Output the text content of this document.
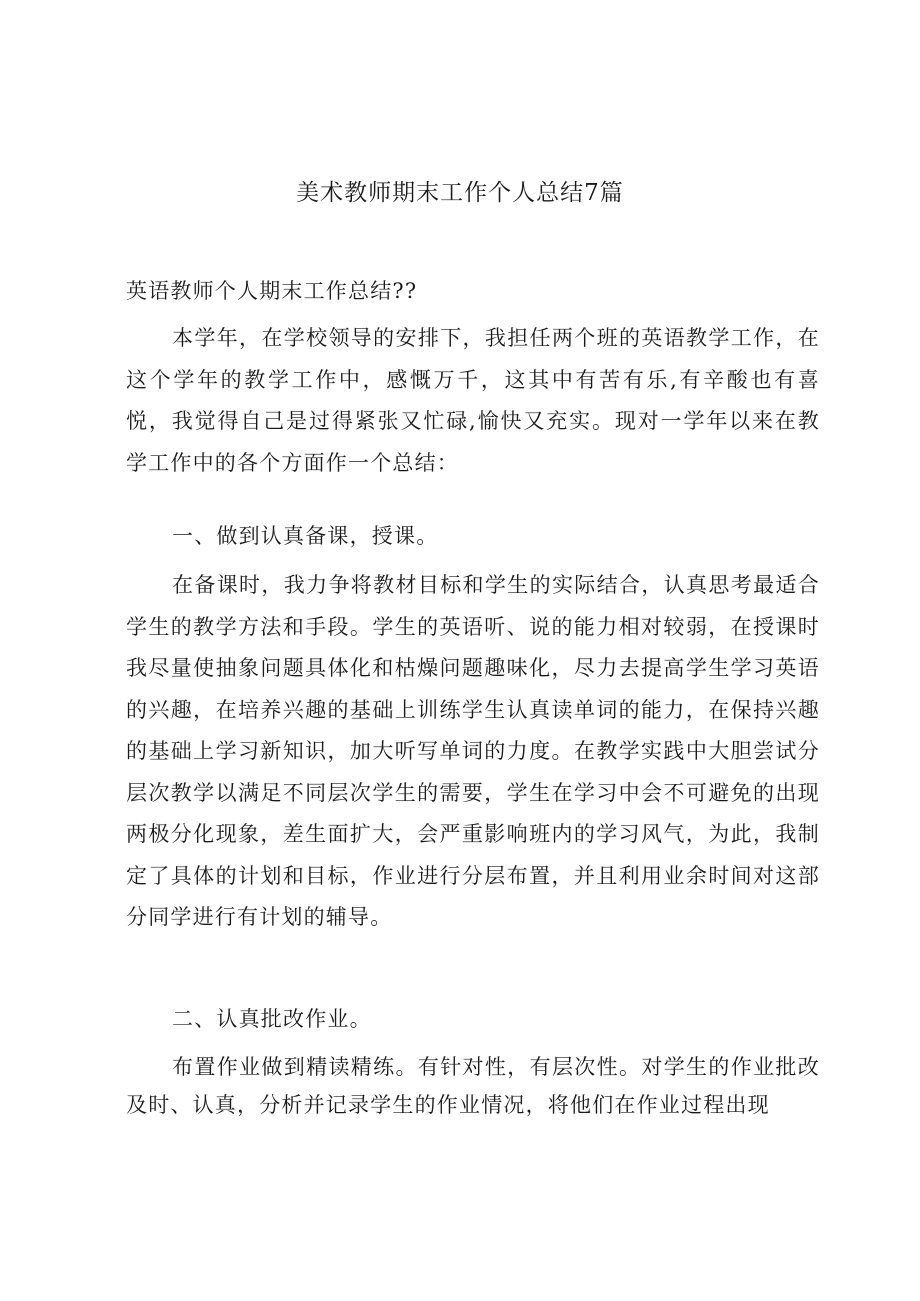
美术教师期末工作个人总结7篇

英语教师个人期末工作总结??

本学年，在学校领导的安排下，我担任两个班的英语教学工作，在这个学年的教学工作中，感慨万千，这其中有苦有乐,有辛酸也有喜悦，我觉得自己是过得紧张又忙碌,愉快又充实。现对一学年以来在教学工作中的各个方面作一个总结：

一、做到认真备课，授课。

在备课时，我力争将教材目标和学生的实际结合，认真思考最适合学生的教学方法和手段。学生的英语听、说的能力相对较弱，在授课时我尽量使抽象问题具体化和枯燥问题趣味化，尽力去提高学生学习英语的兴趣，在培养兴趣的基础上训练学生认真读单词的能力，在保持兴趣的基础上学习新知识，加大听写单词的力度。在教学实践中大胆尝试分层次教学以满足不同层次学生的需要，学生在学习中会不可避免的出现两极分化现象，差生面扩大，会严重影响班内的学习风气，为此，我制定了具体的计划和目标，作业进行分层布置，并且利用业余时间对这部分同学进行有计划的辅导。

二、认真批改作业。

布置作业做到精读精练。有针对性，有层次性。对学生的作业批改及时、认真，分析并记录学生的作业情况，将他们在作业过程出现
